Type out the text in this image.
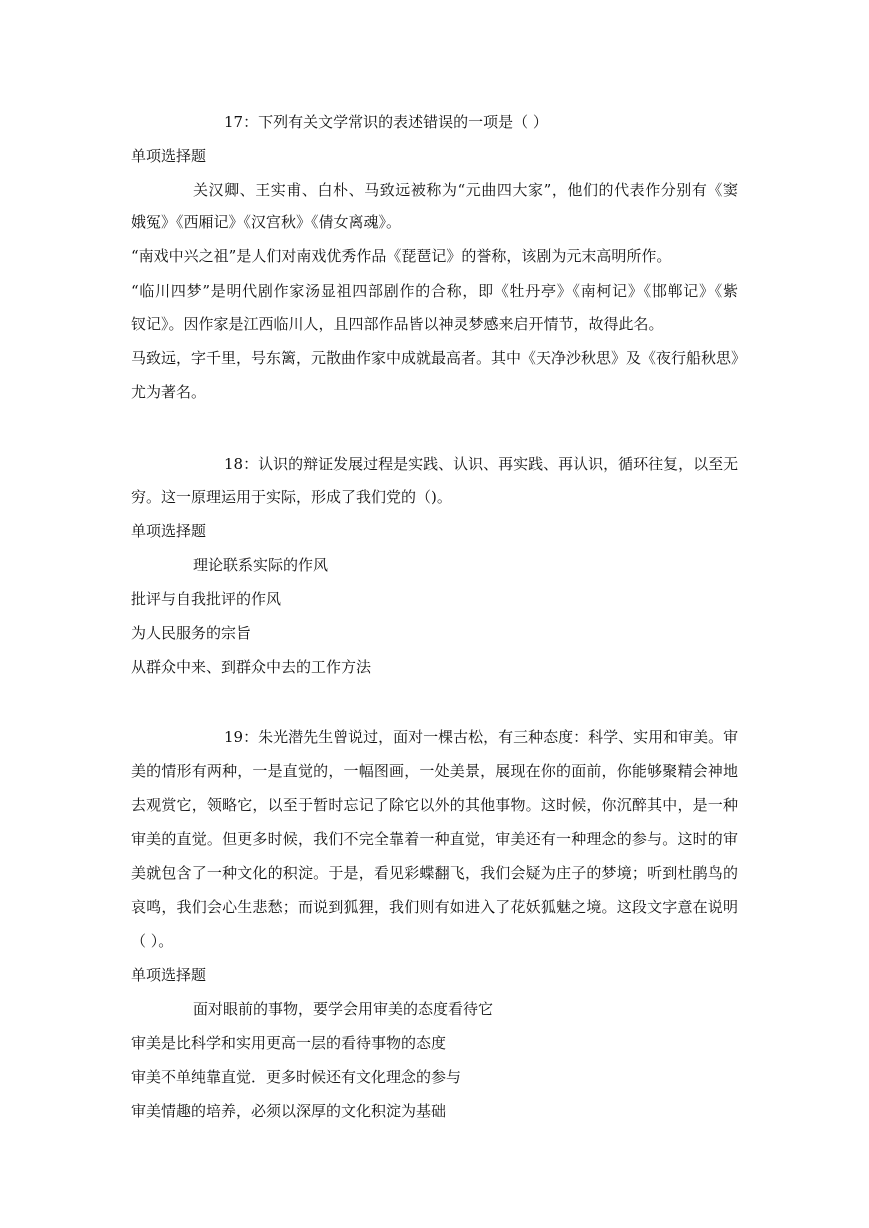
17：下列有关文学常识的表述错误的一项是（ ）
单项选择题
关汉卿、王实甫、白朴、马致远被称为“元曲四大家”，他们的代表作分别有《窦
娥冤》《西厢记》《汉宫秋》《倩女离魂》。
“南戏中兴之祖”是人们对南戏优秀作品《琵琶记》的誉称，该剧为元末高明所作。
“临川四梦”是明代剧作家汤显祖四部剧作的合称，即《牡丹亭》《南柯记》《邯郸记》《紫
钗记》。因作家是江西临川人，且四部作品皆以神灵梦感来启开情节，故得此名。
马致远，字千里，号东篱，元散曲作家中成就最高者。其中《天净沙秋思》及《夜行船秋思》
尤为著名。
18：认识的辩证发展过程是实践、认识、再实践、再认识，循环往复，以至无
穷。这一原理运用于实际，形成了我们党的（)。
单项选择题
理论联系实际的作风
批评与自我批评的作风
为人民服务的宗旨
从群众中来、到群众中去的工作方法
19：朱光潜先生曾说过，面对一棵古松，有三种态度：科学、实用和审美。审
美的情形有两种，一是直觉的，一幅图画，一处美景，展现在你的面前，你能够聚精会神地
去观赏它，领略它，以至于暂时忘记了除它以外的其他事物。这时候，你沉醉其中，是一种
审美的直觉。但更多时候，我们不完全靠着一种直觉，审美还有一种理念的参与。这时的审
美就包含了一种文化的积淀。于是，看见彩蝶翻飞，我们会疑为庄子的梦境；听到杜鹃鸟的
哀鸣，我们会心生悲愁；而说到狐狸，我们则有如进入了花妖狐魅之境。这段文字意在说明
（ ）。
单项选择题
面对眼前的事物，要学会用审美的态度看待它
审美是比科学和实用更高一层的看待事物的态度
审美不单纯靠直觉．更多时候还有文化理念的参与
审美情趣的培养，必须以深厚的文化积淀为基础
